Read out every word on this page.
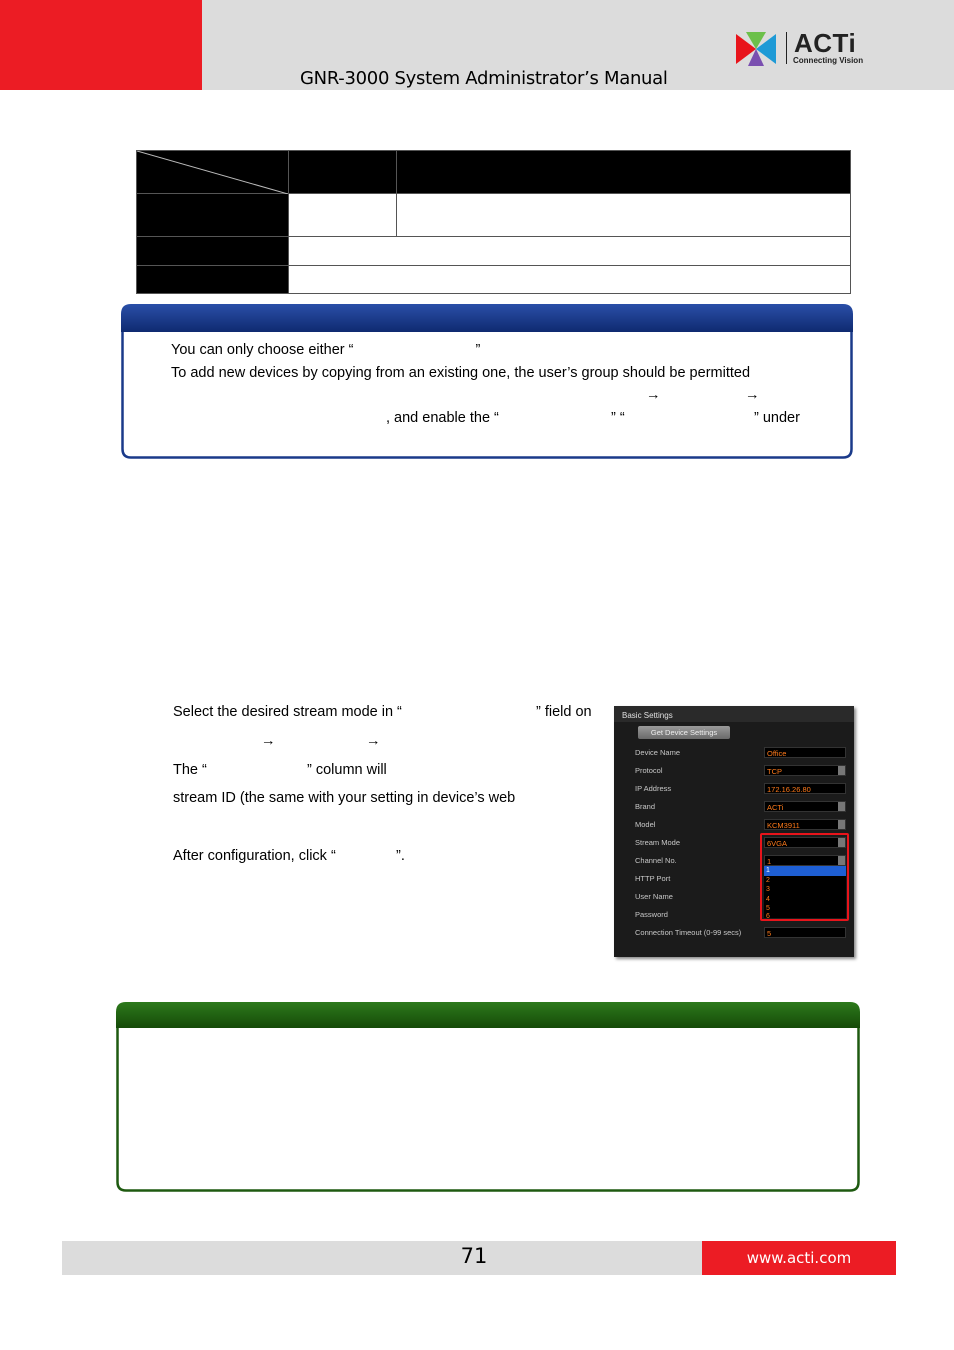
GNR-3000 System Administrator’s Manual
ACTi
Connecting Vision

You can only choose either “	”
To add new devices by copying from an existing one, the user’s group should be permitted
→	→
, and enable the “	” “	” under
Select the desired stream mode in “	” field on
→	→
The “	” column will
stream ID (the same with your setting in device’s web
After configuration, click “	”.
Basic Settings
Get Device Settings
Device Name	Office
Protocol	TCP
IP Address	172.16.26.80
Brand	ACTi
Model	KCM3911
Stream Mode	6VGA
Channel No.	1
HTTP Port
User Name
Password
1
2
3
4
5
6
Connection Timeout (0-99 secs)	5
71	www.acti.com
